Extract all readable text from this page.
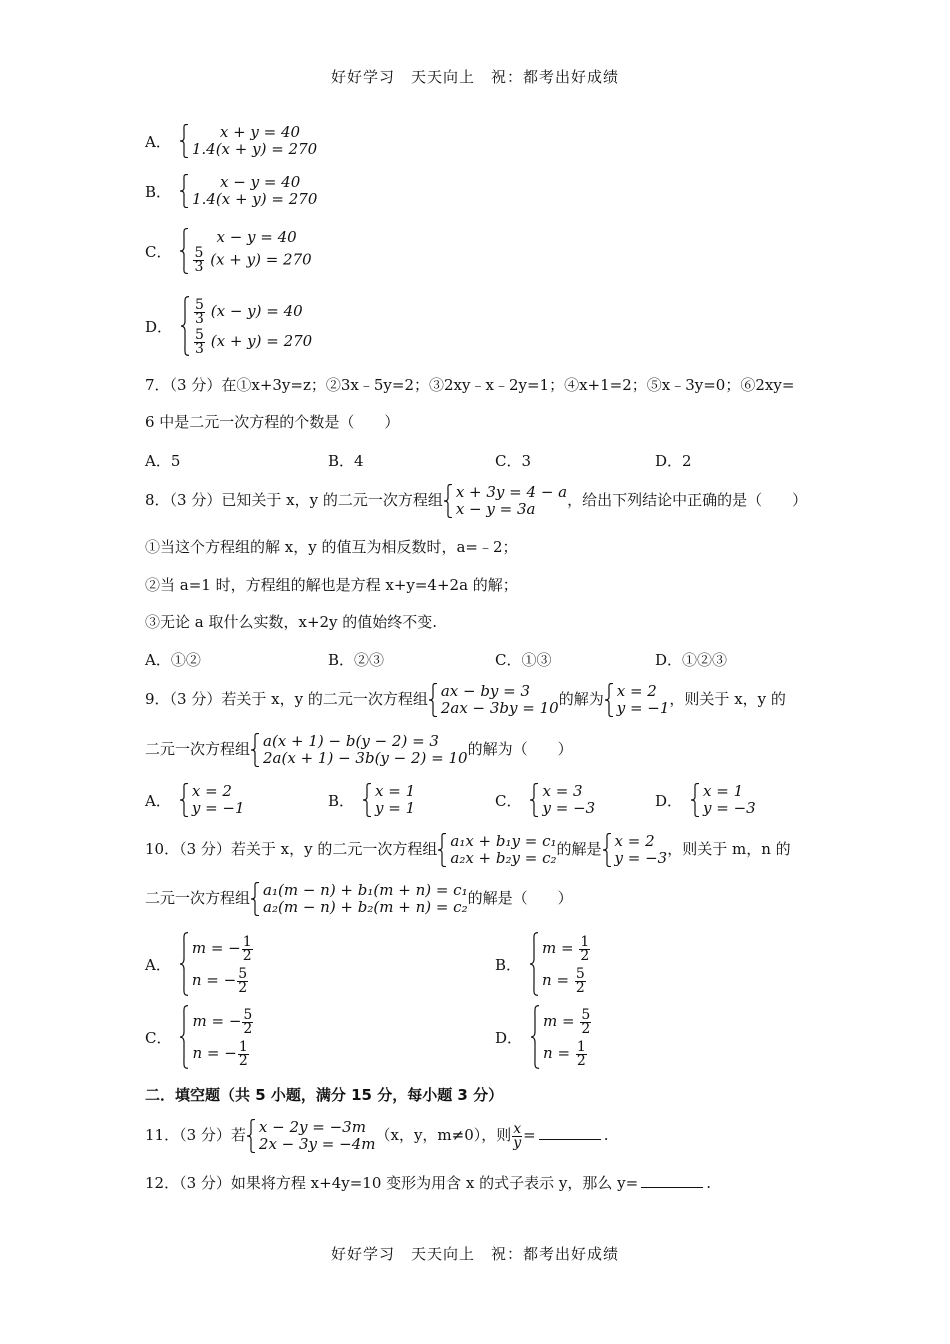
好好学习　天天向上　祝：都考出好成绩
A．
x + y = 40
1.4(x + y) = 270
B．
x − y = 40
1.4(x + y) = 270
C．
x − y = 40
$\frac{5}{3} (x + y) = 270$
D．
$\frac{5}{3} (x - y) = 40$
$\frac{5}{3} (x + y) = 270$
7．（3 分）在①x+3y=z；②3x﹣5y=2；③2xy﹣x﹣2y=1；④x+1=2；⑤x﹣3y=0；⑥2xy=
6 中是二元一次方程的个数是（　　）
A．5	B．4	C．3	D．2
8．（3 分）已知关于 x，y 的二元一次方程组 x + 3y = 4 − a
x − y = 3a	，给出下列结论中正确的是（　　）
①当这个方程组的解 x，y 的值互为相反数时，a=﹣2；
②当 a=1 时，方程组的解也是方程 x+y=4+2a 的解；
③无论 a 取什么实数，x+2y 的值始终不变.
A．①②	B．②③	C．①③	D．①②③
9．（3 分）若关于 x，y 的二元一次方程组 ax − by = 3
2ax − 3by = 10 的解为 x = 2
y = −1 ，则关于 x，y 的
二元一次方程组 a(x + 1) − b(y − 2) = 3
2a(x + 1) − 3b(y − 2) = 10 的解为（　　）
A．
x = 2
y = −1	B．
x = 1
y = 1	C．
x = 3
y = −3	D．
x = 1
y = −3
10．（3 分）若关于 x，y 的二元一次方程组 a₁x + b₁y = c₁
a₂x + b₂y = c₂ 的解是 x = 2
y = −3 ，则关于 m，n 的
二元一次方程组 a₁(m − n) + b₁(m + n) = c₁
a₂(m − n) + b₂(m + n) = c₂ 的解是（　　）
A．
m = − $\frac{1}{2}$
n = − $\frac{5}{2}$
B．
$m = \frac{1}{2}$
$n = \frac{5}{2}$
C．
m = − $\frac{5}{2}$
n = − $\frac{1}{2}$
D．
$m = \frac{5}{2}$
$n = \frac{1}{2}$
二．填空题（共 5 小题，满分 15 分，每小题 3 分）
11．（3 分）若 x − 2y = −3m
2x − 3y = −4m （x，y，m≠0），则 $\frac{x}{y}$ =	.
12．（3 分）如果将方程 x+4y=10 变形为用含 x 的式子表示 y，那么 y=	.
好好学习　天天向上　祝：都考出好成绩
